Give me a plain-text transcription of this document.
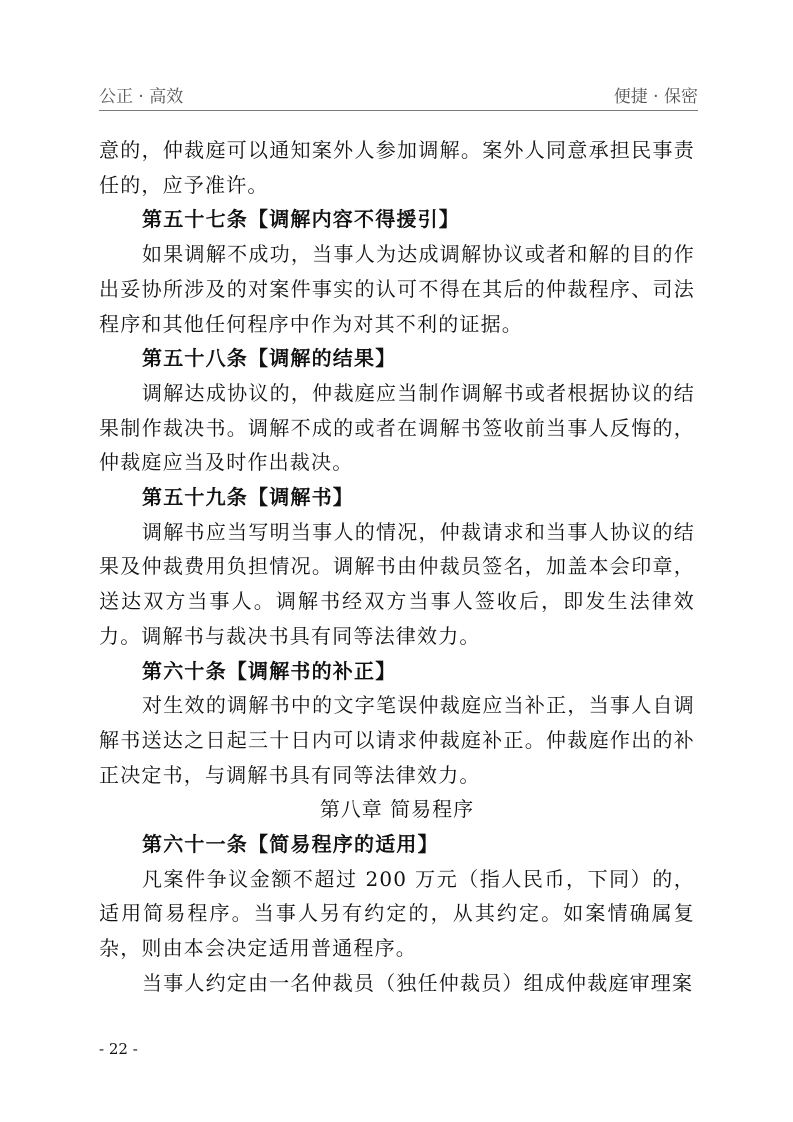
公正 · 高效	便捷 · 保密

意的，仲裁庭可以通知案外人参加调解。案外人同意承担民事责任的，应予准许。

第五十七条【调解内容不得援引】

如果调解不成功，当事人为达成调解协议或者和解的目的作出妥协所涉及的对案件事实的认可不得在其后的仲裁程序、司法程序和其他任何程序中作为对其不利的证据。

第五十八条【调解的结果】

调解达成协议的，仲裁庭应当制作调解书或者根据协议的结果制作裁决书。调解不成的或者在调解书签收前当事人反悔的，仲裁庭应当及时作出裁决。

第五十九条【调解书】

调解书应当写明当事人的情况，仲裁请求和当事人协议的结果及仲裁费用负担情况。调解书由仲裁员签名，加盖本会印章，送达双方当事人。调解书经双方当事人签收后，即发生法律效力。调解书与裁决书具有同等法律效力。

第六十条【调解书的补正】

对生效的调解书中的文字笔误仲裁庭应当补正，当事人自调解书送达之日起三十日内可以请求仲裁庭补正。仲裁庭作出的补正决定书，与调解书具有同等法律效力。

第八章 简易程序

第六十一条【简易程序的适用】

凡案件争议金额不超过 200 万元（指人民币，下同）的，适用简易程序。当事人另有约定的，从其约定。如案情确属复杂，则由本会决定适用普通程序。

当事人约定由一名仲裁员（独任仲裁员）组成仲裁庭审理案

- 22 -
